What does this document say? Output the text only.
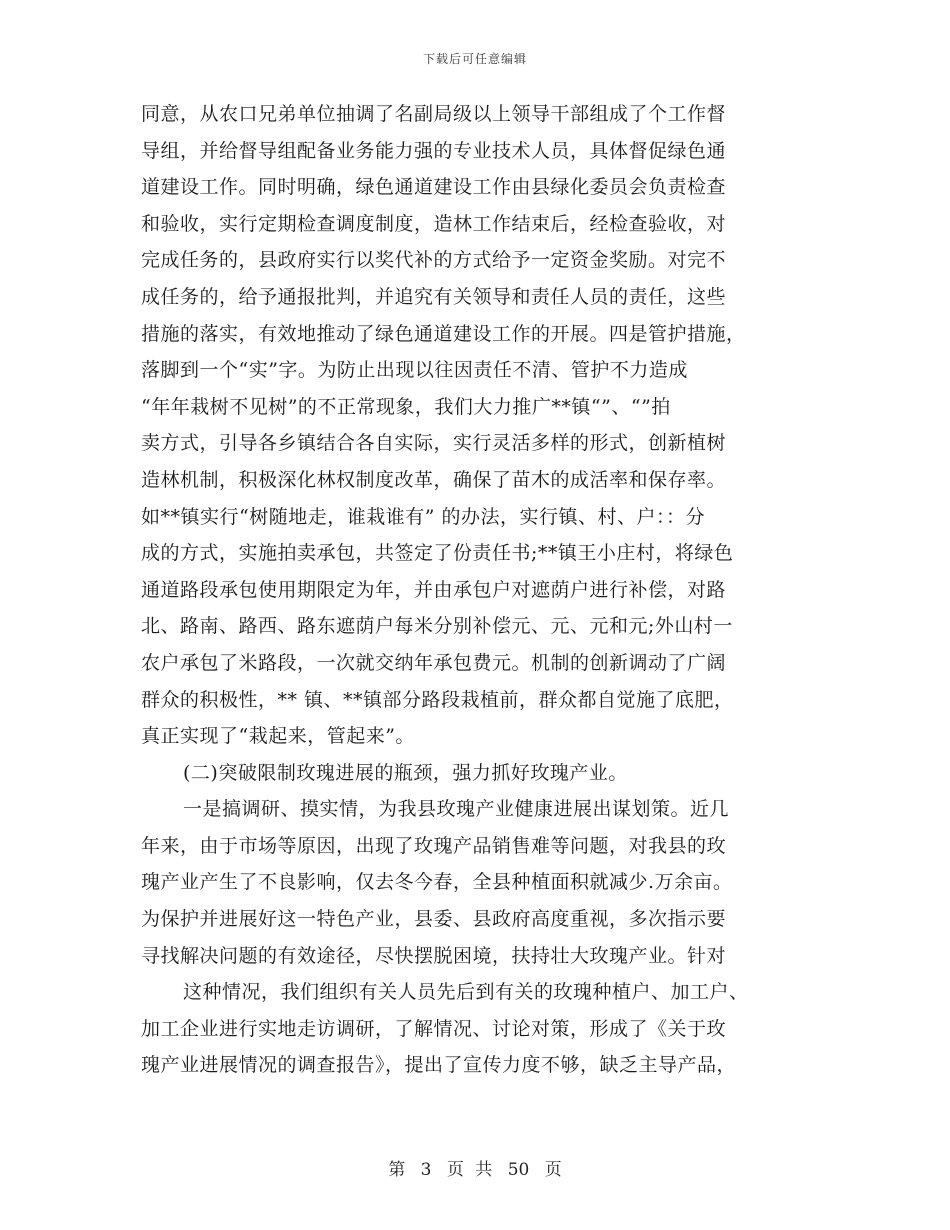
下载后可任意编辑
同意，从农口兄弟单位抽调了名副局级以上领导干部组成了个工作督
导组，并给督导组配备业务能力强的专业技术人员，具体督促绿色通
道建设工作。同时明确，绿色通道建设工作由县绿化委员会负责检查
和验收，实行定期检查调度制度，造林工作结束后，经检查验收，对
完成任务的，县政府实行以奖代补的方式给予一定资金奖励。对完不
成任务的，给予通报批判，并追究有关领导和责任人员的责任，这些
措施的落实，有效地推动了绿色通道建设工作的开展。四是管护措施，
落脚到一个“实”字。为防止出现以往因责任不清、管护不力造成
“年年栽树不见树”的不正常现象，我们大力推广**镇“”、“”拍
卖方式，引导各乡镇结合各自实际，实行灵活多样的形式，创新植树
造林机制，积极深化林权制度改革，确保了苗木的成活率和保存率。
如**镇实行“树随地走，谁栽谁有” 的办法，实行镇、村、户：：分
成的方式，实施拍卖承包，共签定了份责任书;**镇王小庄村，将绿色
通道路段承包使用期限定为年，并由承包户对遮荫户进行补偿，对路
北、路南、路西、路东遮荫户每米分别补偿元、元、元和元;外山村一
农户承包了米路段，一次就交纳年承包费元。机制的创新调动了广阔
群众的积极性，** 镇、**镇部分路段栽植前，群众都自觉施了底肥，
真正实现了“栽起来，管起来”。
(二)突破限制玫瑰进展的瓶颈，强力抓好玫瑰产业。
一是搞调研、摸实情，为我县玫瑰产业健康进展出谋划策。近几
年来，由于市场等原因，出现了玫瑰产品销售难等问题，对我县的玫
瑰产业产生了不良影响，仅去冬今春，全县种植面积就减少.万余亩。
为保护并进展好这一特色产业，县委、县政府高度重视，多次指示要
寻找解决问题的有效途径，尽快摆脱困境，扶持壮大玫瑰产业。针对
这种情况，我们组织有关人员先后到有关的玫瑰种植户、加工户、
加工企业进行实地走访调研，了解情况、讨论对策，形成了《关于玫
瑰产业进展情况的调查报告》，提出了宣传力度不够，缺乏主导产品，
第 3 页 共 50 页
